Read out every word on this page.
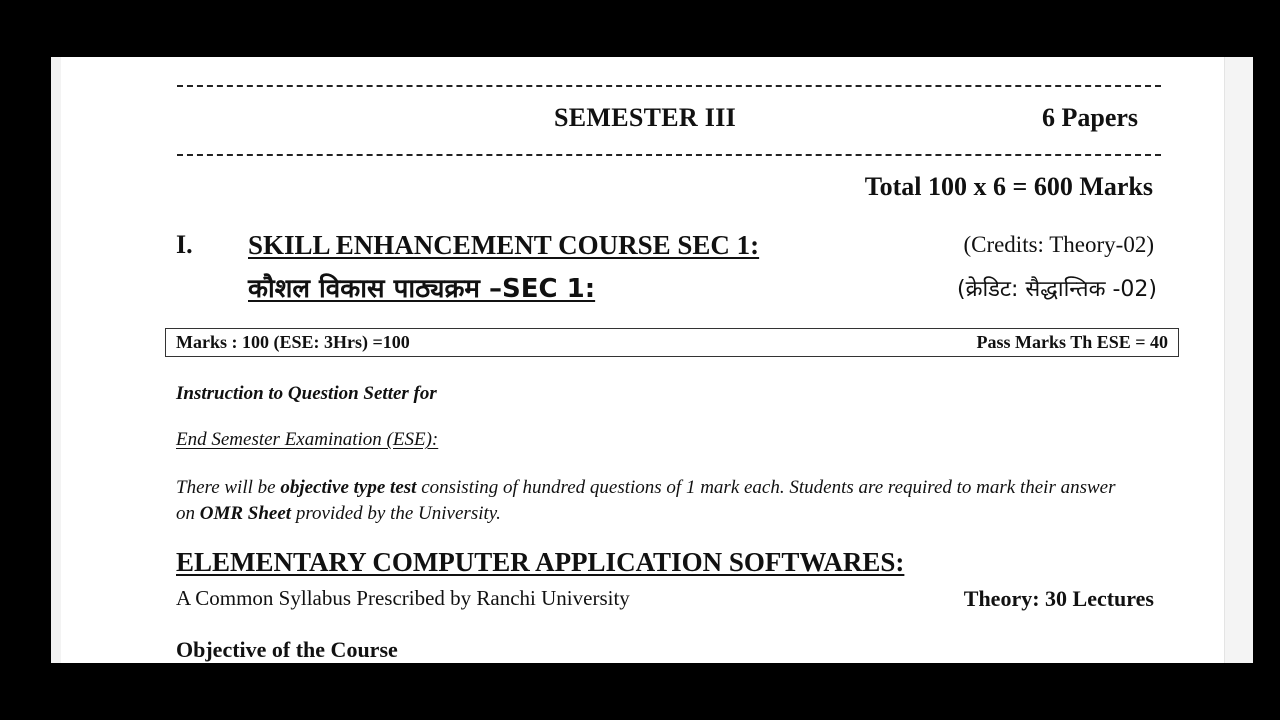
SEMESTER III	6 Papers
Total 100 x 6 = 600 Marks
I. SKILL ENHANCEMENT COURSE SEC 1:	(Credits: Theory-02)
कौशल विकास पाठ्यक्रम –SEC 1:	(क्रेडिट: सैद्धान्तिक -02)
Marks : 100 (ESE: 3Hrs) =100	Pass Marks Th ESE = 40
Instruction to Question Setter for
End Semester Examination (ESE):
There will be objective type test consisting of hundred questions of 1 mark each. Students are required to mark their answer on OMR Sheet provided by the University.
ELEMENTARY COMPUTER APPLICATION SOFTWARES:
A Common Syllabus Prescribed by Ranchi University	Theory: 30 Lectures
Objective of the Course
